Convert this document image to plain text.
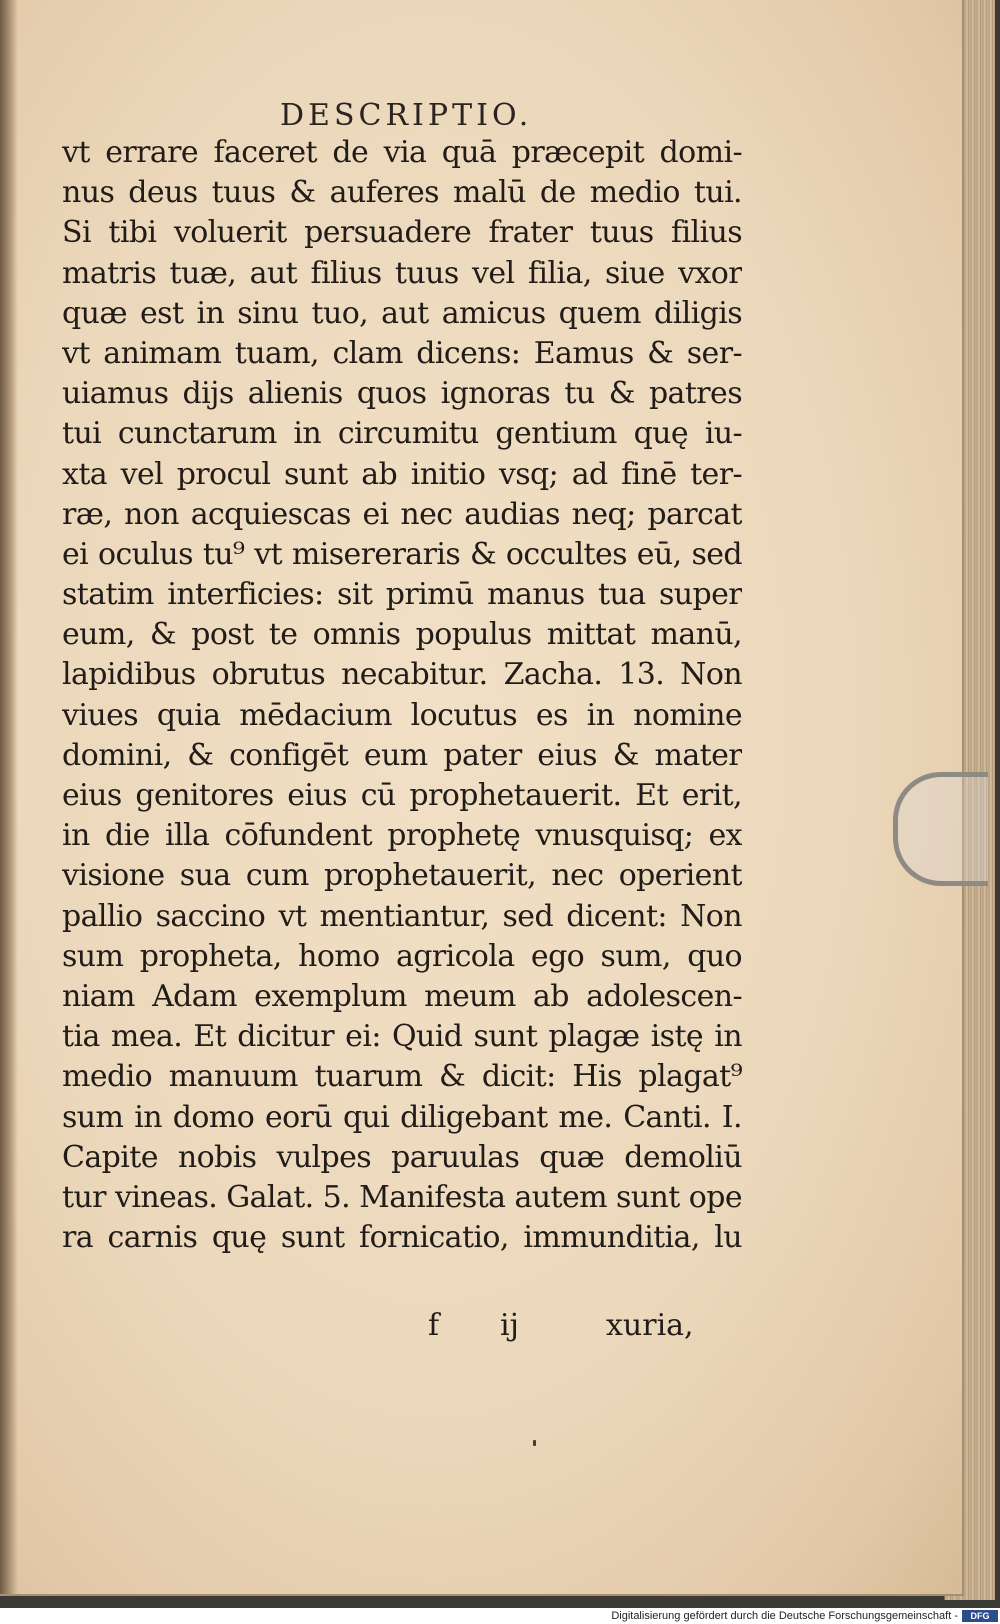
DESCRIPTIO.
vt errare faceret de via quā præcepit domi-
nus deus tuus & auferes malū de medio tui.
Si tibi voluerit persuadere frater tuus filius
matris tuæ, aut filius tuus vel filia, siue vxor
quæ est in sinu tuo, aut amicus quem diligis
vt animam tuam, clam dicens: Eamus & ser-
uiamus dijs alienis quos ignoras tu & patres
tui cunctarum in circumitu gentium quę iu-
xta vel procul sunt ab initio vsq; ad finē ter-
ræ, non acquiescas ei nec audias neq; parcat
ei oculus tu⁹ vt misereraris & occultes eū, sed
statim interficies: sit primū manus tua super
eum, & post te omnis populus mittat manū,
lapidibus obrutus necabitur. Zacha. 13. Non
viues quia mēdacium locutus es in nomine
domini, & configēt eum pater eius & mater
eius genitores eius cū prophetauerit. Et erit,
in die illa cōfundent prophetę vnusquisq; ex
visione sua cum prophetauerit, nec operient
pallio saccino vt mentiantur, sed dicent: Non
sum propheta, homo agricola ego sum, quo
niam Adam exemplum meum ab adolescen-
tia mea. Et dicitur ei: Quid sunt plagæ istę in
medio manuum tuarum & dicit: His plagat⁹
sum in domo eorū qui diligebant me. Canti. I.
Capite nobis vulpes paruulas quæ demoliū
tur vineas. Galat. 5. Manifesta autem sunt ope
ra carnis quę sunt fornicatio, immunditia, lu
f ij	xuria,
Digitalisierung gefördert durch die Deutsche Forschungsgemeinschaft -	DFG
